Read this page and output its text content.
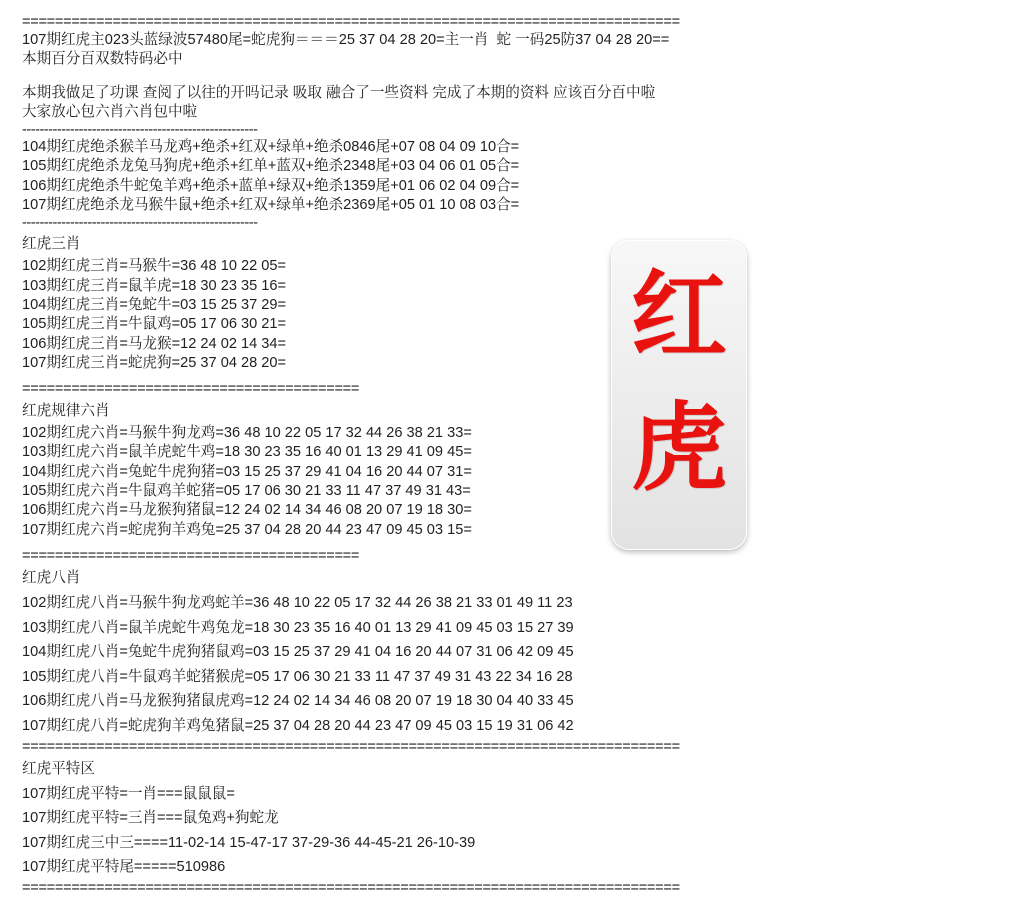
================================================================================
107期红虎主023头蓝绿波57480尾=蛇虎狗＝＝＝25 37 04 28 20=主一肖  蛇 一码25防37 04 28 20==
本期百分百双数特码必中
本期我做足了功课 查阅了以往的开吗记录 吸取 融合了一些资料 完成了本期的资料 应该百分百中啦
大家放心包六肖六肖包中啦
------------------------------------------------------
104期红虎绝杀猴羊马龙鸡+绝杀+红双+绿单+绝杀0846尾+07 08 04 09 10合=
105期红虎绝杀龙兔马狗虎+绝杀+红单+蓝双+绝杀2348尾+03 04 06 01 05合=
106期红虎绝杀牛蛇兔羊鸡+绝杀+蓝单+绿双+绝杀1359尾+01 06 02 04 09合=
107期红虎绝杀龙马猴牛鼠+绝杀+红双+绿单+绝杀2369尾+05 01 10 08 03合=
------------------------------------------------------
红虎三肖
102期红虎三肖=马猴牛=36 48 10 22 05=
103期红虎三肖=鼠羊虎=18 30 23 35 16=
104期红虎三肖=兔蛇牛=03 15 25 37 29=
105期红虎三肖=牛鼠鸡=05 17 06 30 21=
106期红虎三肖=马龙猴=12 24 02 14 34=
107期红虎三肖=蛇虎狗=25 37 04 28 20=
=========================================
红虎规律六肖
102期红虎六肖=马猴牛狗龙鸡=36 48 10 22 05 17 32 44 26 38 21 33=
103期红虎六肖=鼠羊虎蛇牛鸡=18 30 23 35 16 40 01 13 29 41 09 45=
104期红虎六肖=兔蛇牛虎狗猪=03 15 25 37 29 41 04 16 20 44 07 31=
105期红虎六肖=牛鼠鸡羊蛇猪=05 17 06 30 21 33 11 47 37 49 31 43=
106期红虎六肖=马龙猴狗猪鼠=12 24 02 14 34 46 08 20 07 19 18 30=
107期红虎六肖=蛇虎狗羊鸡兔=25 37 04 28 20 44 23 47 09 45 03 15=
=========================================
红虎八肖
102期红虎八肖=马猴牛狗龙鸡蛇羊=36 48 10 22 05 17 32 44 26 38 21 33 01 49 11 23
103期红虎八肖=鼠羊虎蛇牛鸡兔龙=18 30 23 35 16 40 01 13 29 41 09 45 03 15 27 39
104期红虎八肖=兔蛇牛虎狗猪鼠鸡=03 15 25 37 29 41 04 16 20 44 07 31 06 42 09 45
105期红虎八肖=牛鼠鸡羊蛇猪猴虎=05 17 06 30 21 33 11 47 37 49 31 43 22 34 16 28
106期红虎八肖=马龙猴狗猪鼠虎鸡=12 24 02 14 34 46 08 20 07 19 18 30 04 40 33 45
107期红虎八肖=蛇虎狗羊鸡兔猪鼠=25 37 04 28 20 44 23 47 09 45 03 15 19 31 06 42
================================================================================
红虎平特区
107期红虎平特=一肖===鼠鼠鼠=
107期红虎平特=三肖===鼠兔鸡+狗蛇龙
107期红虎三中三====11-02-14 15-47-17 37-29-36 44-45-21 26-10-39
107期红虎平特尾=====510986
================================================================================
红
虎
